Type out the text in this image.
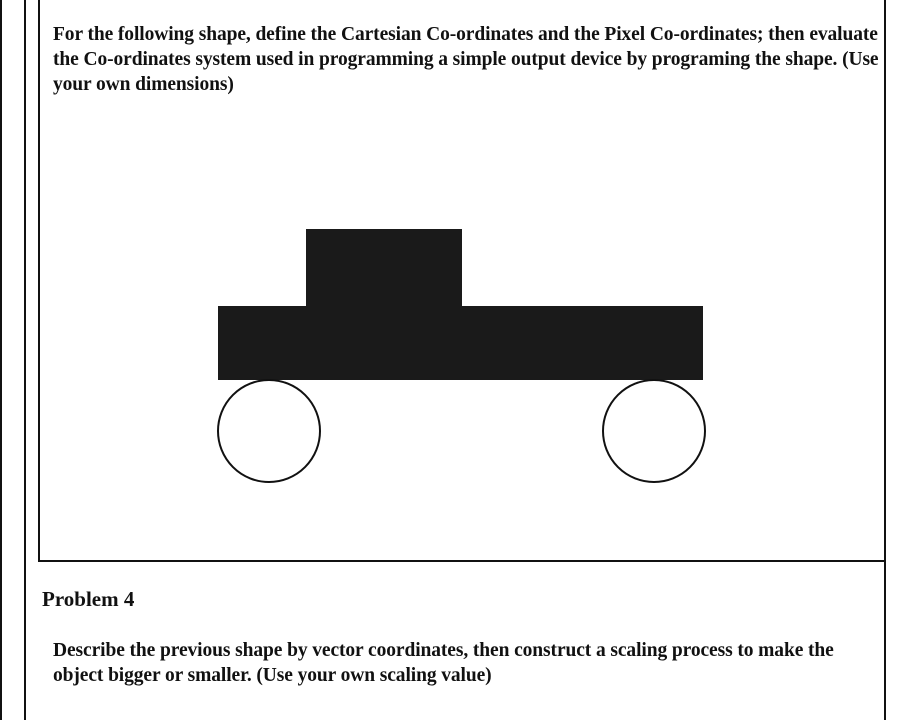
For the following shape, define the Cartesian Co-ordinates and the Pixel Co-ordinates; then evaluate the Co-ordinates system used in programming a simple output device by programing the shape. (Use your own dimensions)

Problem 4

Describe the previous shape by vector coordinates, then construct a scaling process to make the object bigger or smaller. (Use your own scaling value)
